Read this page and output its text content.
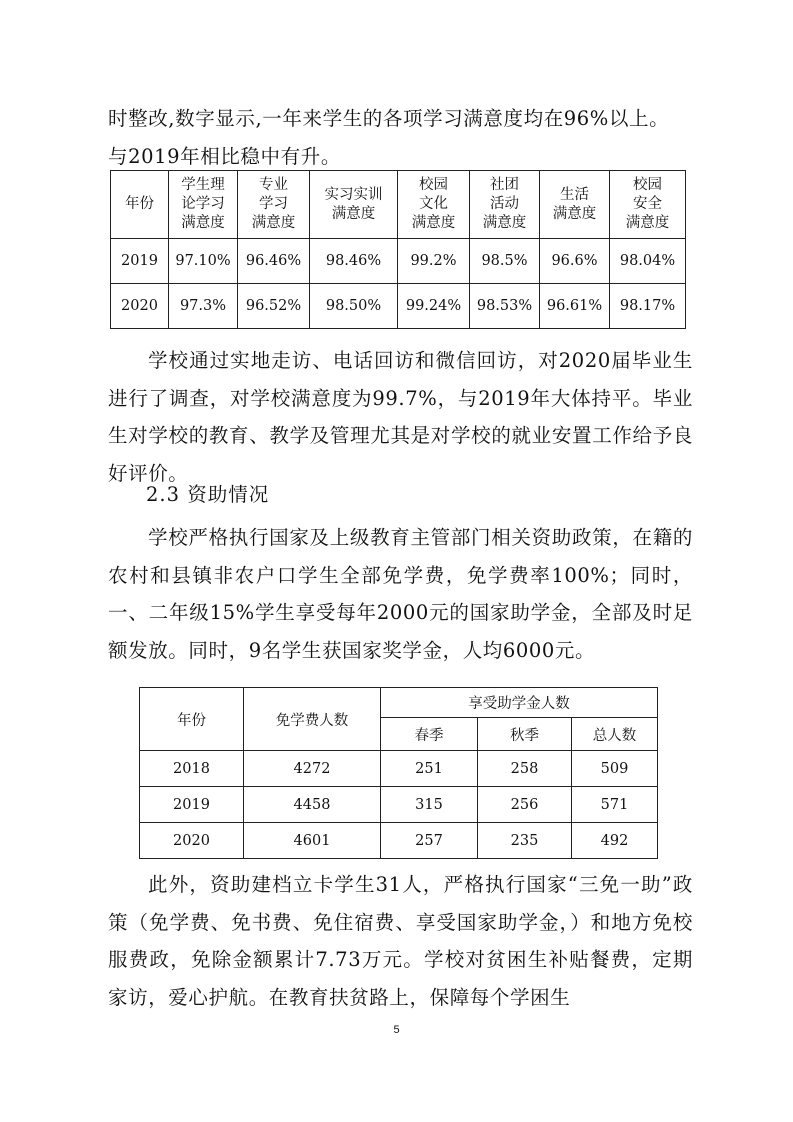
时整改,数字显示,一年来学生的各项学习满意度均在96%以上。
与2019年相比稳中有升。

年份	学生理
论学习
满意度	专业
学习
满意度	实习实训
满意度	校园
文化
满意度	社团
活动
满意度	生活
满意度	校园
安全
满意度
2019	97.10%	96.46%	98.46%	99.2%	98.5%	96.6%	98.04%
2020	97.3%	96.52%	98.50%	99.24%	98.53%	96.61%	98.17%

学校通过实地走访、电话回访和微信回访，对2020届毕业生进行了调查，对学校满意度为99.7%，与2019年大体持平。毕业生对学校的教育、教学及管理尤其是对学校的就业安置工作给予良好评价。

2.3 资助情况

学校严格执行国家及上级教育主管部门相关资助政策，在籍的农村和县镇非农户口学生全部免学费，免学费率100%；同时，一、二年级15%学生享受每年2000元的国家助学金，全部及时足额发放。同时，9名学生获国家奖学金，人均6000元。

年份	免学费人数	享受助学金人数		
		春季	秋季	总人数
2018	4272	251	258	509
2019	4458	315	256	571
2020	4601	257	235	492

此外，资助建档立卡学生31人，严格执行国家“三免一助”政策（免学费、免书费、免住宿费、享受国家助学金，）和地方免校服费政，免除金额累计7.73万元。学校对贫困生补贴餐费，定期家访，爱心护航。在教育扶贫路上，保障每个学困生

5
